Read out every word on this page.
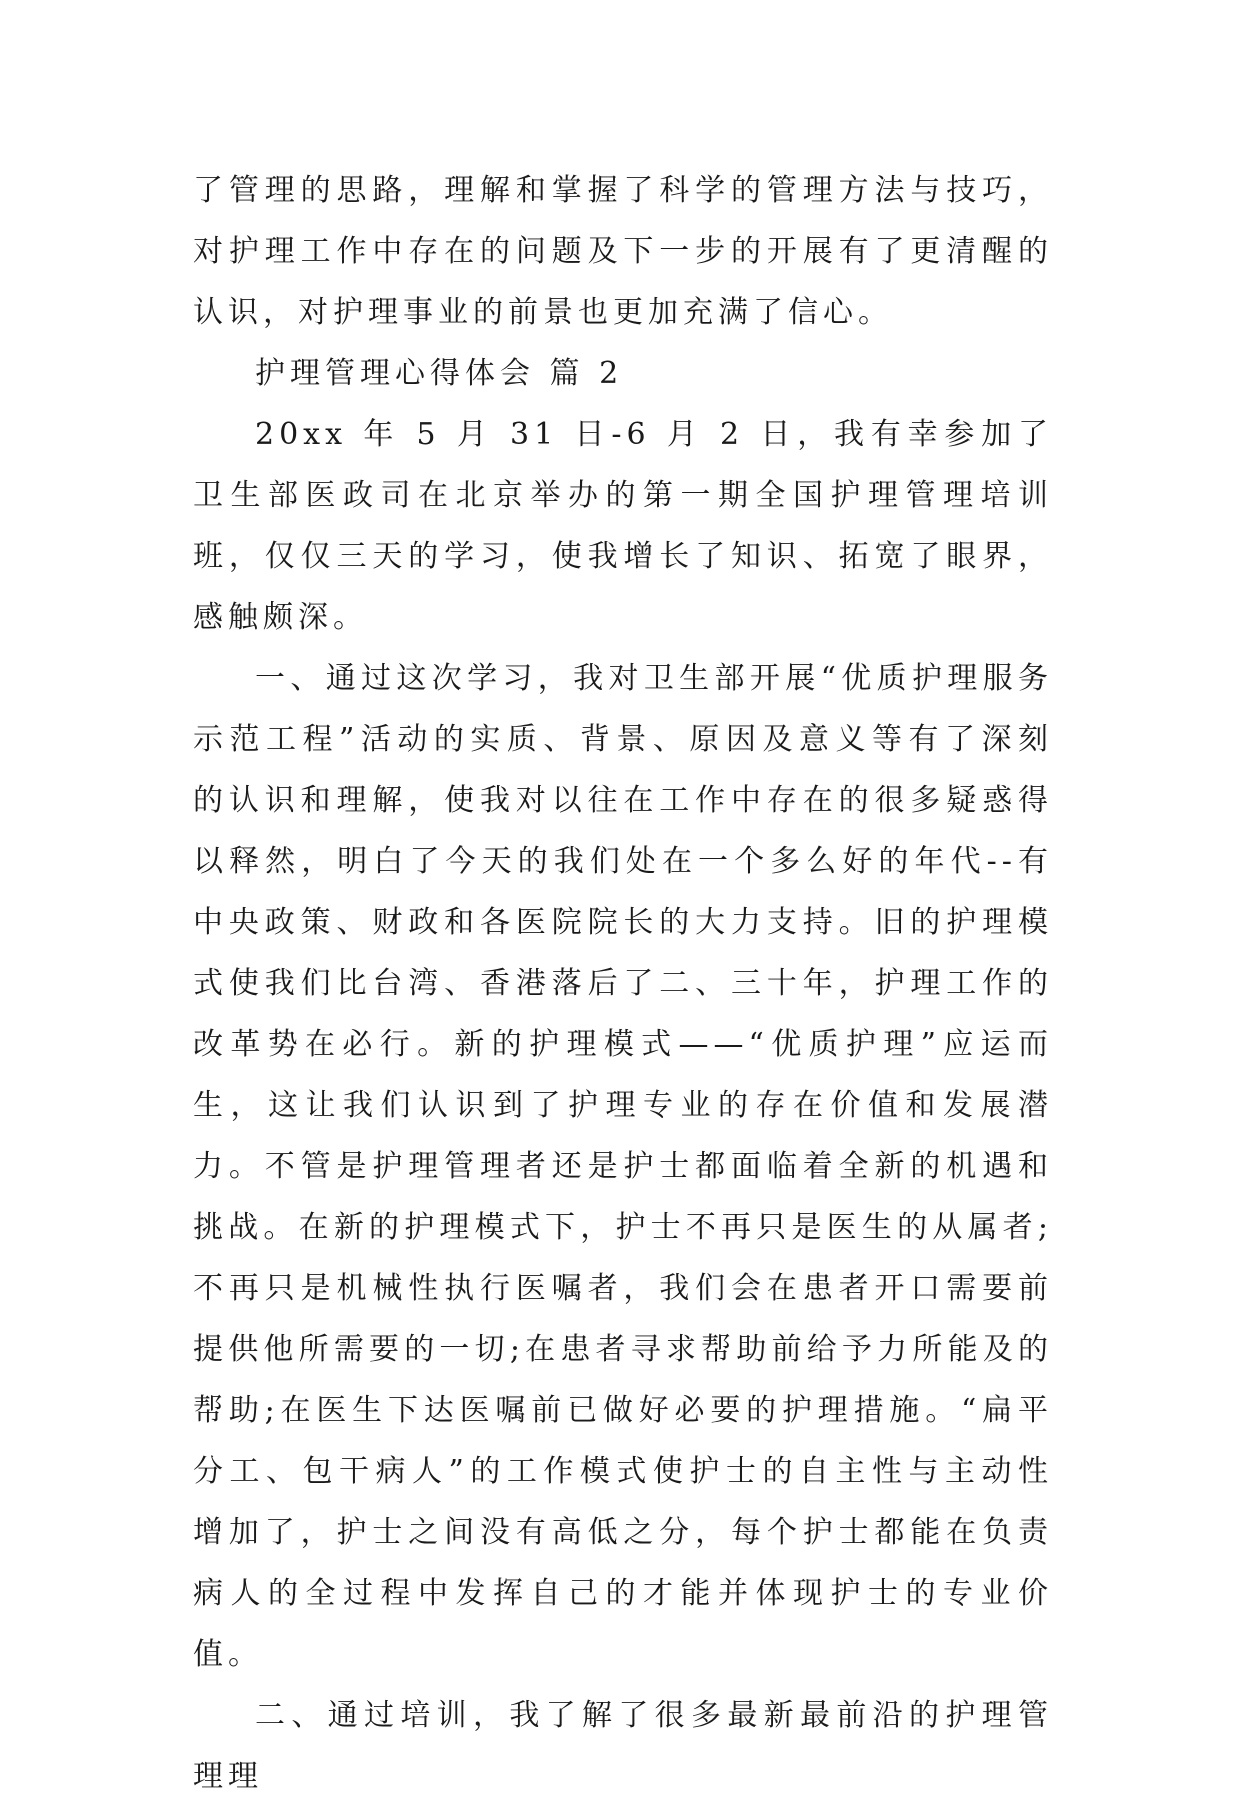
了管理的思路，理解和掌握了科学的管理方法与技巧，对护理工作中存在的问题及下一步的开展有了更清醒的认识，对护理事业的前景也更加充满了信心。

护理管理心得体会 篇 2

20xx 年 5 月 31 日-6 月 2 日，我有幸参加了卫生部医政司在北京举办的第一期全国护理管理培训班，仅仅三天的学习，使我增长了知识、拓宽了眼界，感触颇深。

一、通过这次学习，我对卫生部开展“优质护理服务示范工程”活动的实质、背景、原因及意义等有了深刻的认识和理解，使我对以往在工作中存在的很多疑惑得以释然，明白了今天的我们处在一个多么好的年代--有中央政策、财政和各医院院长的大力支持。旧的护理模式使我们比台湾、香港落后了二、三十年，护理工作的改革势在必行。新的护理模式——“优质护理”应运而生，这让我们认识到了护理专业的存在价值和发展潜力。不管是护理管理者还是护士都面临着全新的机遇和挑战。在新的护理模式下，护士不再只是医生的从属者;不再只是机械性执行医嘱者，我们会在患者开口需要前提供他所需要的一切;在患者寻求帮助前给予力所能及的帮助;在医生下达医嘱前已做好必要的护理措施。“扁平分工、包干病人”的工作模式使护士的自主性与主动性增加了，护士之间没有高低之分，每个护士都能在负责病人的全过程中发挥自己的才能并体现护士的专业价值。

二、通过培训，我了解了很多最新最前沿的护理管理理
